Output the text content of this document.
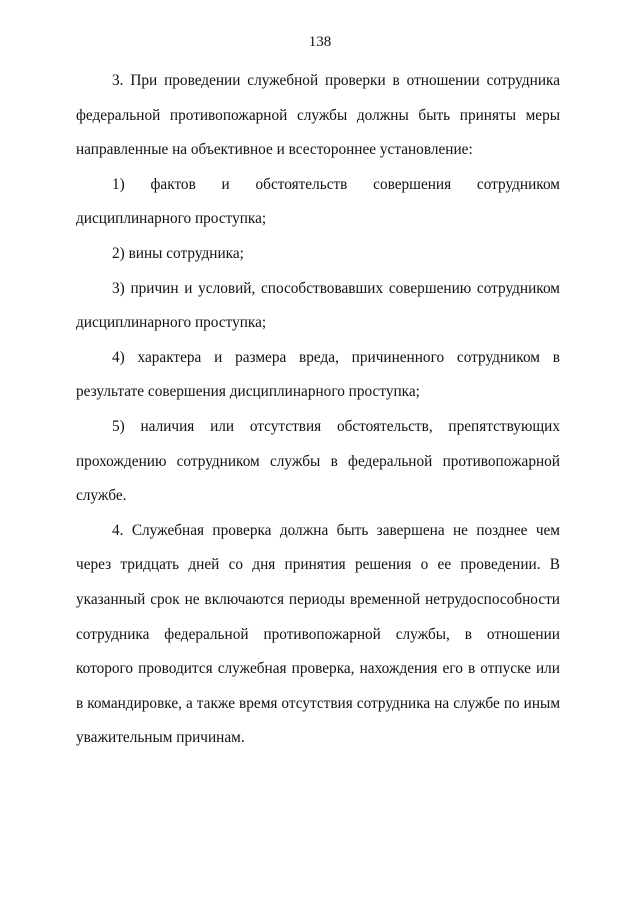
138

3. При проведении служебной проверки в отношении сотрудника федеральной противопожарной службы должны быть приняты меры направленные на объективное и всестороннее установление:

1) фактов и обстоятельств совершения сотрудником дисциплинарного проступка;

2) вины сотрудника;

3) причин и условий, способствовавших совершению сотрудником дисциплинарного проступка;

4) характера и размера вреда, причиненного сотрудником в результате совершения дисциплинарного проступка;

5) наличия или отсутствия обстоятельств, препятствующих прохождению сотрудником службы в федеральной противопожарной службе.

4. Служебная проверка должна быть завершена не позднее чем через тридцать дней со дня принятия решения о ее проведении. В указанный срок не включаются периоды временной нетрудоспособности сотрудника федеральной противопожарной службы, в отношении которого проводится служебная проверка, нахождения его в отпуске или в командировке, а также время отсутствия сотрудника на службе по иным уважительным причинам.
